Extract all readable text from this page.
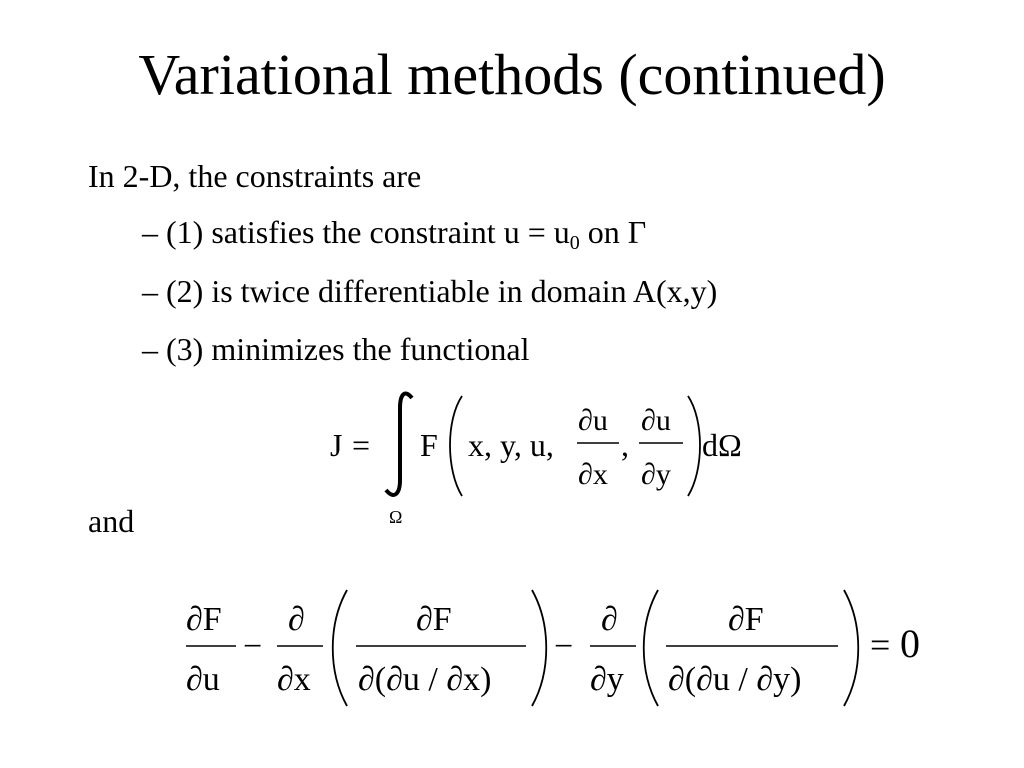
Variational methods (continued)
In 2-D, the constraints are
– (1) satisfies the constraint u = u0 on Γ
– (2) is twice differentiable in domain A(x,y)
– (3) minimizes the functional
J =
Ω
F x, y, u,
∂u
∂x
,
∂u
∂y
dΩ
and
∂F
∂u
−
∂
∂x
∂F
∂(∂u / ∂x)
−
∂
∂y
∂F
∂(∂u / ∂y)
= 0
